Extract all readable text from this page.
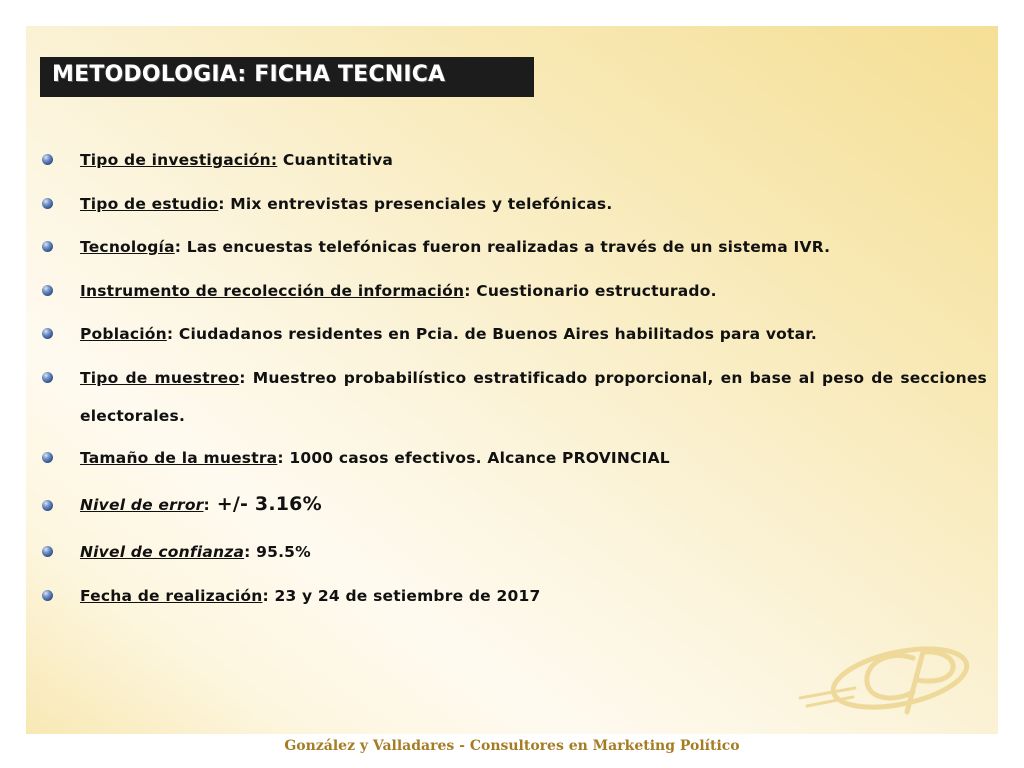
METODOLOGIA: FICHA TECNICA
Tipo de investigación: Cuantitativa
Tipo de estudio: Mix entrevistas presenciales y telefónicas.
Tecnología: Las encuestas telefónicas fueron realizadas a través de un sistema IVR.
Instrumento de recolección de información: Cuestionario estructurado.
Población: Ciudadanos residentes en Pcia. de Buenos Aires habilitados para votar.
Tipo de muestreo: Muestreo probabilístico estratificado proporcional, en base al peso de secciones electorales.
Tamaño de la muestra: 1000 casos efectivos. Alcance PROVINCIAL
Nivel de error: +/- 3.16%
Nivel de confianza: 95.5%
Fecha de realización: 23 y 24 de setiembre de 2017
González y Valladares - Consultores en Marketing Político
